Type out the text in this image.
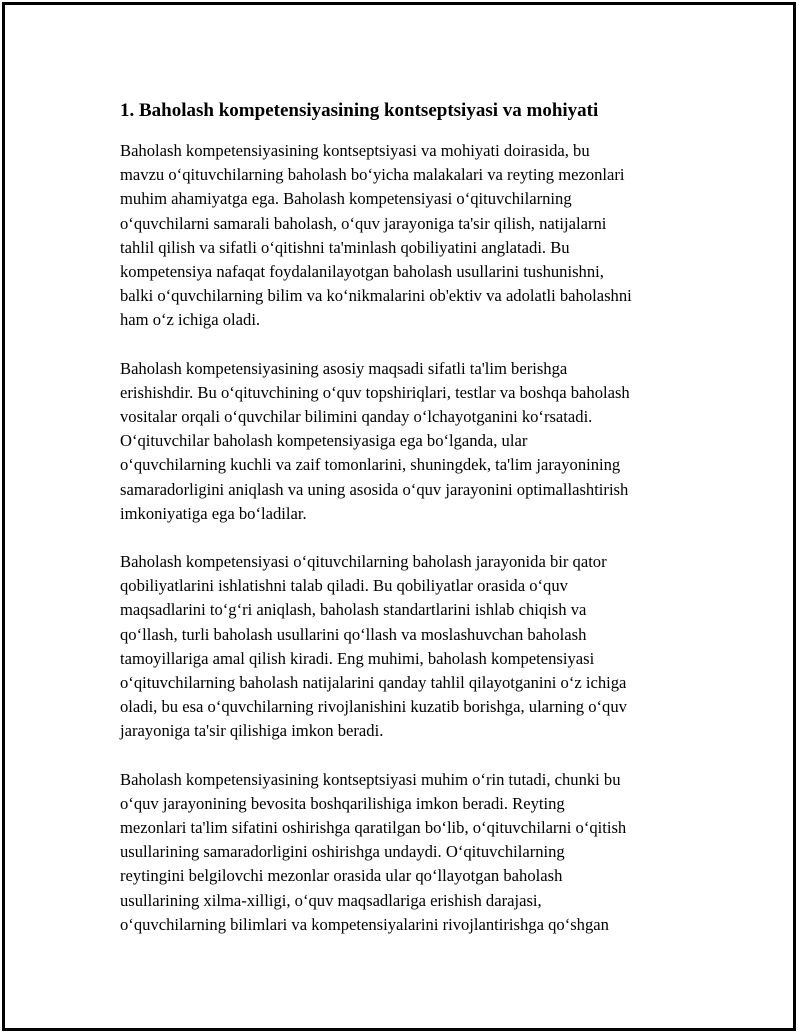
1. Baholash kompetensiyasining kontseptsiyasi va mohiyati

Baholash kompetensiyasining kontseptsiyasi va mohiyati doirasida, bu
mavzu o‘qituvchilarning baholash bo‘yicha malakalari va reyting mezonlari
muhim ahamiyatga ega. Baholash kompetensiyasi o‘qituvchilarning
o‘quvchilarni samarali baholash, o‘quv jarayoniga ta'sir qilish, natijalarni
tahlil qilish va sifatli o‘qitishni ta'minlash qobiliyatini anglatadi. Bu
kompetensiya nafaqat foydalanilayotgan baholash usullarini tushunishni,
balki o‘quvchilarning bilim va ko‘nikmalarini ob'ektiv va adolatli baholashni
ham o‘z ichiga oladi.

Baholash kompetensiyasining asosiy maqsadi sifatli ta'lim berishga
erishishdir. Bu o‘qituvchining o‘quv topshiriqlari, testlar va boshqa baholash
vositalar orqali o‘quvchilar bilimini qanday o‘lchayotganini ko‘rsatadi.
O‘qituvchilar baholash kompetensiyasiga ega bo‘lganda, ular
o‘quvchilarning kuchli va zaif tomonlarini, shuningdek, ta'lim jarayonining
samaradorligini aniqlash va uning asosida o‘quv jarayonini optimallashtirish
imkoniyatiga ega bo‘ladilar.

Baholash kompetensiyasi o‘qituvchilarning baholash jarayonida bir qator
qobiliyatlarini ishlatishni talab qiladi. Bu qobiliyatlar orasida o‘quv
maqsadlarini to‘g‘ri aniqlash, baholash standartlarini ishlab chiqish va
qo‘llash, turli baholash usullarini qo‘llash va moslashuvchan baholash
tamoyillariga amal qilish kiradi. Eng muhimi, baholash kompetensiyasi
o‘qituvchilarning baholash natijalarini qanday tahlil qilayotganini o‘z ichiga
oladi, bu esa o‘quvchilarning rivojlanishini kuzatib borishga, ularning o‘quv
jarayoniga ta'sir qilishiga imkon beradi.

Baholash kompetensiyasining kontseptsiyasi muhim o‘rin tutadi, chunki bu
o‘quv jarayonining bevosita boshqarilishiga imkon beradi. Reyting
mezonlari ta'lim sifatini oshirishga qaratilgan bo‘lib, o‘qituvchilarni o‘qitish
usullarining samaradorligini oshirishga undaydi. O‘qituvchilarning
reytingini belgilovchi mezonlar orasida ular qo‘llayotgan baholash
usullarining xilma-xilligi, o‘quv maqsadlariga erishish darajasi,
o‘quvchilarning bilimlari va kompetensiyalarini rivojlantirishga qo‘shgan
